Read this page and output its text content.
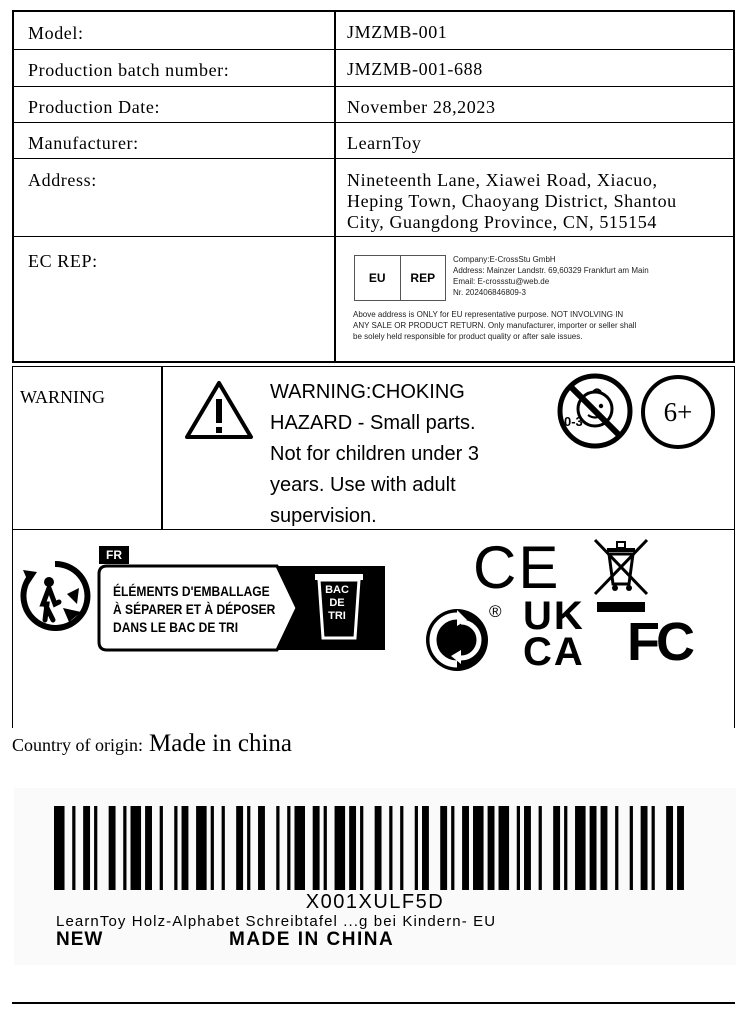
Model:	JMZMB-001
Production batch number:	JMZMB-001-688
Production Date:	November 28,2023
Manufacturer:	LearnToy
Address:	Nineteenth Lane, Xiawei Road, Xiacuo,
Heping Town, Chaoyang District, Shantou
City, Guangdong Province, CN, 515154
EC REP:
EU	REP
Company:E-CrossStu GmbH
Address: Mainzer Landstr. 69,60329 Frankfurt am Main
Email: E-crossstu@web.de
Nr. 202406846809-3
Above address is ONLY for EU representative purpose. NOT INVOLVING IN
ANY SALE OR PRODUCT RETURN. Only manufacturer, importer or seller shall
be solely held responsible for product quality or after sale issues.
WARNING	WARNING:CHOKING
HAZARD - Small parts.
Not for children under 3
years. Use with adult
supervision.
0-3	6+
FR
ÉLÉMENTS D'EMBALLAGE
À SÉPARER ET À DÉPOSER
DANS LE BAC DE TRI
BAC
DE
TRI
CE
® UK
CA FC
Country of origin: Made in china
X001XULF5D
LearnToy Holz-Alphabet Schreibtafel ...g bei Kindern- EU
NEW	MADE IN CHINA
